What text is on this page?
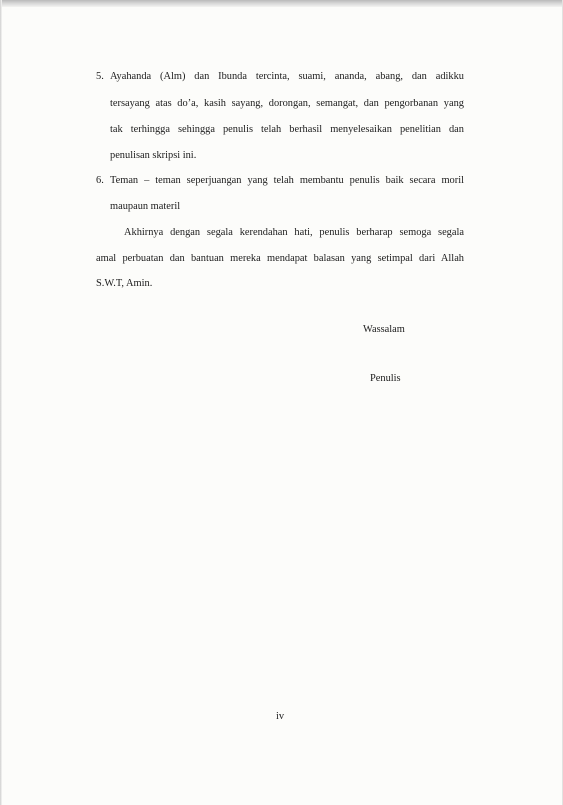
5. Ayahanda (Alm) dan Ibunda tercinta, suami, ananda, abang, dan adikku
tersayang atas do’a, kasih sayang, dorongan, semangat, dan pengorbanan yang
tak terhingga sehingga penulis telah berhasil menyelesaikan penelitian dan
penulisan skripsi ini.
6. Teman – teman seperjuangan yang telah membantu penulis baik secara moril
maupaun materil
Akhirnya dengan segala kerendahan hati, penulis berharap semoga segala
amal perbuatan dan bantuan mereka mendapat balasan yang setimpal dari Allah
S.W.T, Amin.
Wassalam
Penulis
iv
